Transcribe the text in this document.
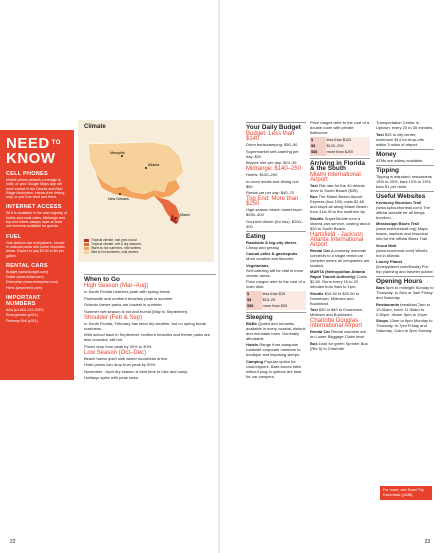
NEED $^{TO}$
KNOW
CELL PHONES
Mobile phone network coverage is solid, or your Google Maps app will work except in the Ozarks and Blue Ridge Mountains. Hands-free driving only, or you'll be cited and fined.
INTERNET ACCESS
Wi-fi is available in the vast majority of hotels and most cafes. Midrange and top-end hotels always have at least one terminal available for guests.
FUEL
Gas stations are everywhere, except in national parks and some mountain areas. Expect to pay $3.50 to $4 per gallon.
RENTAL CARS
Budget (www.budget.com)
Dollar (www.dollar.com)
Enterprise (www.enterprise.com)
Hertz (www.hertz.com)
IMPORTANT NUMBERS
AAA (▸1-800-222-4357)
Emergencies (▸911)
Freeway Roll (▸511)
Climate
Memphis
Atlanta
New Orleans
Miami
Tropical climate, rain year-round
Tropical climate, wet & dry seasons
Warm to hot summers, mild winters
Mild to hot summers, cold winters
When to Go
High Season (Mar–Aug)
In South Florida beaches peak with spring break.
Panhandle and northern beaches peak in summer.
Orlando theme parks are busiest in summer.
Summer wet season is hot and humid (May to September).
Shoulder (Feb & Sep)
In South Florida, February has ideal dry weather, but no spring break craziness.
With school back in September, northern beaches and theme parks are less crowded; still hot.
Prices drop from peak by 20% to 30%.
Low Season (Oct–Dec)
Beach towns quiet until winter snowbirds arrive.
Hotel prices can drop from peak by 50%.
November - April dry season is best time to hike and camp.
Holidays spike with peak rates.
22
Your Daily Budget
Budget: Less than $140
Dorm beds/camping: $30–50
Supermarket self-catering per day: $20
Bicycle hire per day: $24–35
Midrange: $140–250
Hotels: $100–200
In-room meals and dining out: $50
Rental car per day: $40–70
Top End: More than $250
High-season beach hotel/resort: $250–400
Gourmet dinner (for two): $200–300
Eating
Roadside & big-city diners
Cheap and greasy.
Casual cafes & gastropubs
More creative and flavorful.
Vegetarians
Self-catering will be vital in more remote areas.
Price ranges refer to the cost of a main dish:
$	less than $15
$$	$15–25
$$$	more than $25
Sleeping
B&Bs Quaint and romantic, available in every coastal, historic and mountain town. Generally affordable.
Hotels Range from adequate roadside corporate numbers to boutique and imposing sleeps.
Camping Popular option for road-trippers. Bare-bones sites without plug-in options are best for car campers.
Price ranges refer to the cost of a double room with private bathroom:
$	less than $120
$$	$120–200
$$$	more than $200
Arriving in Florida & the South
Miami International Airport
Taxi Flat rate for the 40-minute drive to South Beach ($35).
Bus The Miami Beach Airport Express (bus 150) costs $2.65 and stops all along Miami Beach, from 41st St to the southern tip.
Shuttle SuperShuttle runs a shared-van service, costing about $20 to South Beach.
Hartsfield - Jackson Atlanta International Airport
Rental Car A courtesy monorail connects to a single rental car complex where all companies are located.
MARTA (Metropolitan Atlanta Rapid Transit Authority) Costs $2.50. Runs every 15 to 20 minutes from 5am to 1pm.
Shuttle $16.50 to $20.50 to Downtown, Midtown and Buckhead.
Taxi $30 to $40 to Downtown, Midtown and Buckhead.
Charlotte Douglas International Airport
Rental Car Rental counters are on Lower Baggage Claim level.
Bus Look for green Sprinter Bus (Rte 5) to Charlotte
Transportation Center in Uptown; every 20 to 30 minutes.
Taxi $25 to city center, maximum $14 for drop-offs within 3 miles of airport.
Money
ATMs are widely available.
Tipping
Tipping is standard: restaurants 15% to 20%, bars 10% to 15%, bars $1 per drink.
Useful Websites
Kentucky Bourbon Trail
(www.kybourbontrail.com) The official website for all things bourbon.
Mississippi Blues Trail
(www.msbluestrail.org) Maps, towns, markers and historical info for the official Blues Trail.
Scout Mob (www.scoutmob.com) What's hot in Atlanta.
Lonely Planet (lonelyplanet.com/florida) Pre-trip planning and traveler advice.
Opening Hours
Bars 5pm to midnight Sunday to Thursday, to 2am or 3am Friday and Saturday
Restaurants breakfast 7am to 10:30am, lunch 11:30am to 2:30pm, dinner 5pm to 10pm
Shops 10am to 9pm Monday to Thursday, to 7pm Friday and Saturday, 11am to 5pm Sunday
23
For more, see Road Trip Essentials (p338).
